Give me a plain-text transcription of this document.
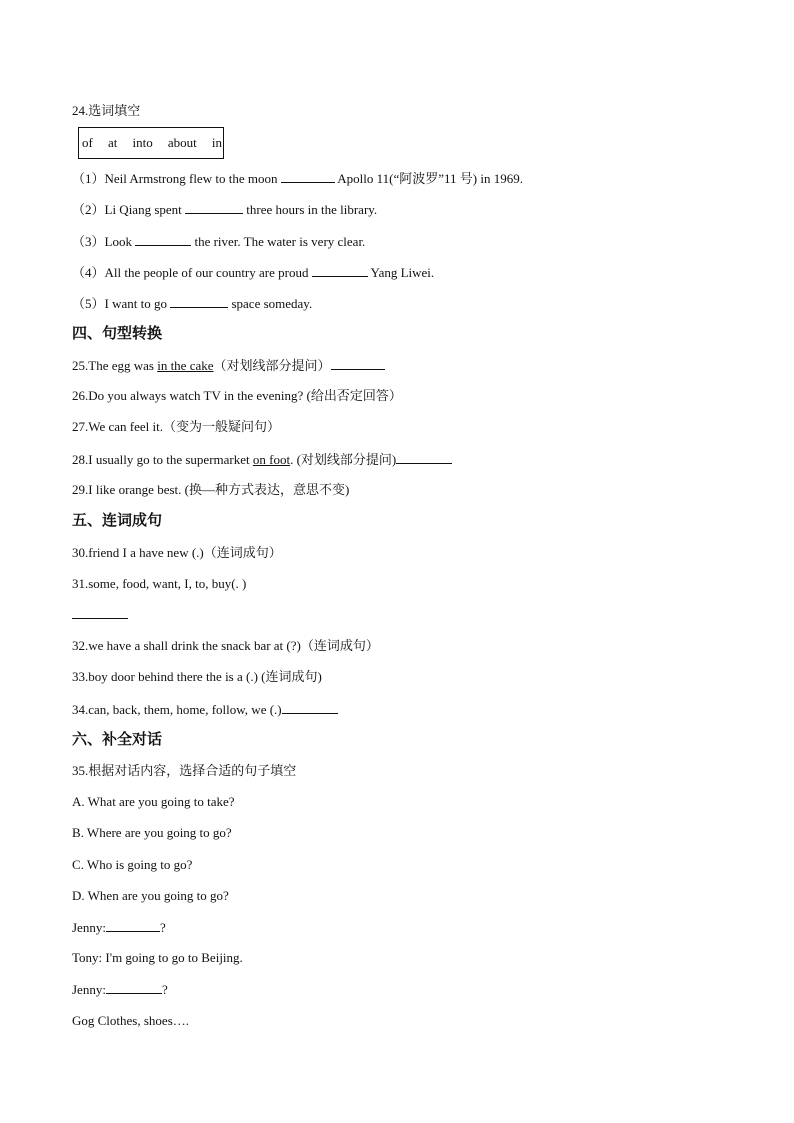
24.选词填空
of at into about in
（1）Neil Armstrong flew to the moon	Apollo 11(“阿波罗”11 号) in 1969.
（2）Li Qiang spent	three hours in the library.
（3）Look	the river. The water is very clear.
（4）All the people of our country are proud	Yang Liwei.
（5）I want to go	space someday.
四、句型转换
25.The egg was in the cake（对划线部分提问）
26.Do you always watch TV in the evening? (给出否定回答）
27.We can feel it.（变为一般疑问句）
28.I usually go to the supermarket on foot. (对划线部分提问)
29.I like orange best. (换—种方式表达，意思不变)
五、连词成句
30.friend I a have new (.)（连词成句）
31.some, food, want, I, to, buy(. )
32.we have a shall drink the snack bar at (?)（连词成句）
33.boy door behind there the is a (.) (连词成句)
34.can, back, them, home, follow, we (.)
六、补全对话
35.根据对话内容，选择合适的句子填空
A. What are you going to take?
B. Where are you going to go?
C. Who is going to go?
D. When are you going to go?
Jenny:	?
Tony: I'm going to go to Beijing.
Jenny:	?
Gog Clothes, shoes….
